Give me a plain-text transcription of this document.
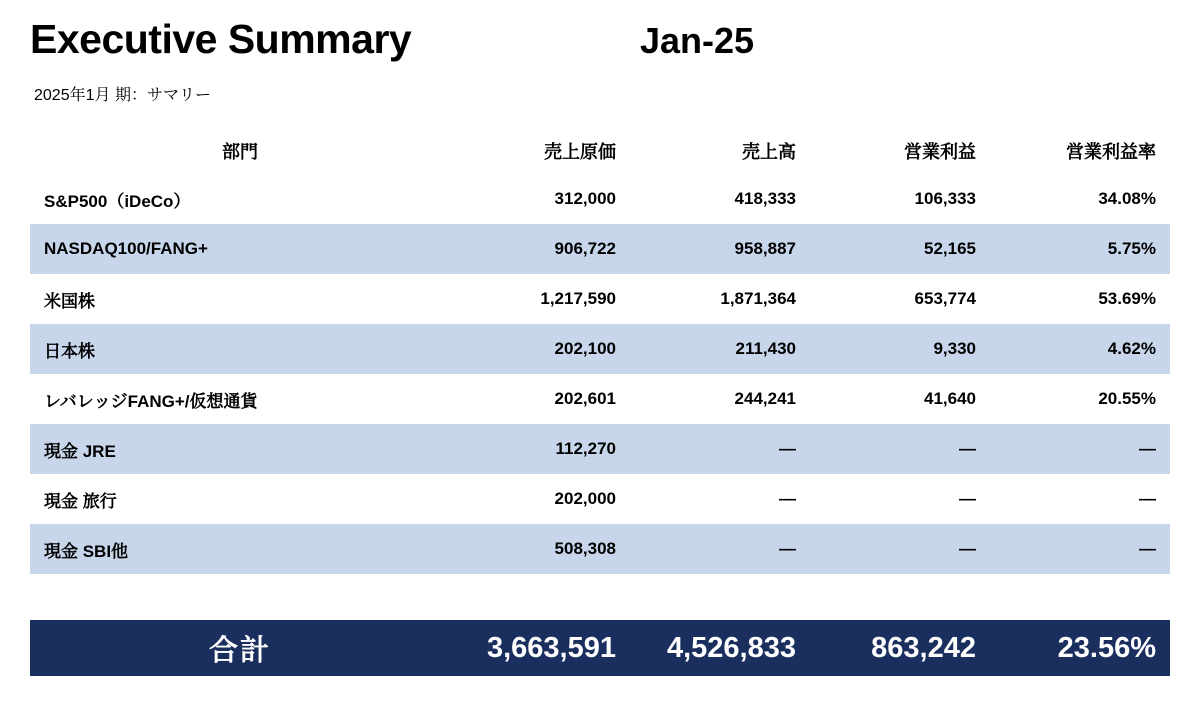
Executive Summary	Jan-25
2025年1月 期：サマリー
部門	売上原価	売上高	営業利益	営業利益率
S&P500（iDeCo）	312,000	418,333	106,333	34.08%
NASDAQ100/FANG+	906,722	958,887	52,165	5.75%
米国株	1,217,590	1,871,364	653,774	53.69%
日本株	202,100	211,430	9,330	4.62%
レバレッジFANG+/仮想通貨	202,601	244,241	41,640	20.55%
現金 JRE	112,270	—	—	—
現金 旅行	202,000	—	—	—
現金 SBI他	508,308	—	—	—
合計	3,663,591	4,526,833	863,242	23.56%
